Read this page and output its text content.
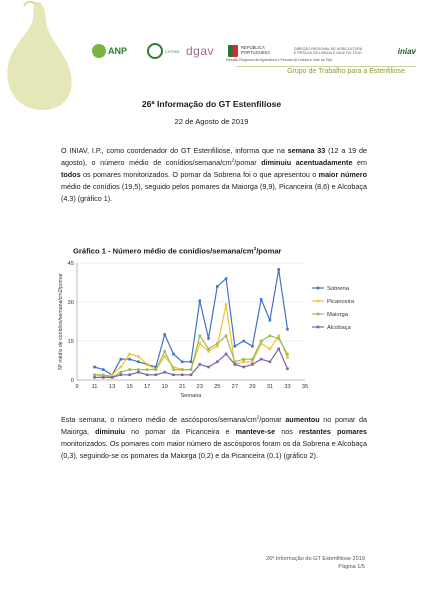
ANP	COTHN dgav	REPÚBLICA
PORTUGUESA
DIREÇÃO REGIONAL DE AGRICULTURA
E PESCAS DE LISBOA E VALE DO TEJO	iniav
Direção Regional de Agricultura e Pescas de Lisboa e Vale do Tejo
Grupo de Trabalho para a Estenfiliose
26ª Informação do GT Estenfiliose
22 de Agosto de 2019
O INIAV, I.P., como coordenador do GT Estenfiliose, informa que na semana 33 (12 a 19 de agosto), o número médio de conídios/$semana/cm^2$/pomar diminuiu acentuadamente em todos os pomares monitorizados. O pomar da Sobrena foi o que apresentou o maior número médio de conídios (19,5), seguido pelos pomares da Maiorga (9,9), Picanceira (8,6) e Alcobaça (4,3) (gráfico 1).
Gráfico 1 - Número médio de conídios/$semana/cm^2$/pomar
0
15
30
45
9 11 13 15 17 19 21 23 25 27 29 31 33 35
Semana
Nº médio de conídios/semana/cm2/pomar	Sobrena
Picanceira
Maiorga
Alcobaça
Esta semana, o número médio de ascósporos/$semana/cm^2$/pomar aumentou no pomar da Maiorga, diminuiu no pomar da Picanceira e manteve-se nos restantes pomares monitorizados. Os pomares com maior número de ascósporos foram os da Sobrena e Alcobaça (0,3), seguindo-se os pomares da Maiorga (0,2) e da Picanceira (0,1) (gráfico 2).
26ª Informação do GT Estenfiliose 2019
Página 1/5
